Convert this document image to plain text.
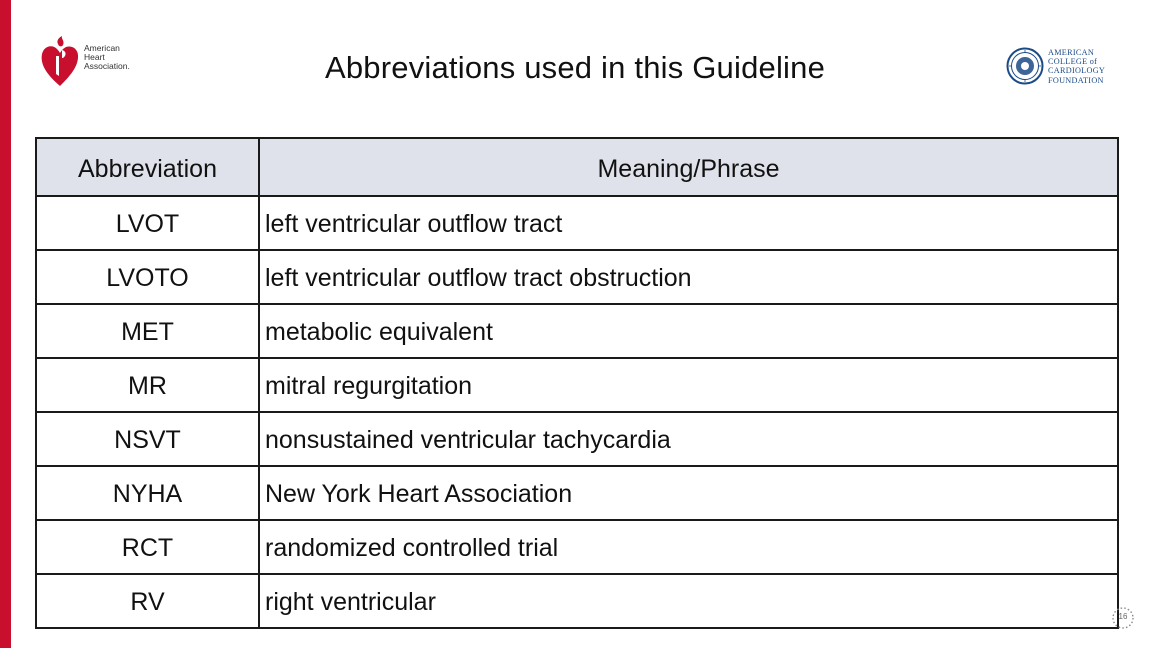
American
Heart
Association.	Abbreviations used in this Guideline	AMERICAN
COLLEGE of
CARDIOLOGY
FOUNDATION
Abbreviation	Meaning/Phrase
LVOT	left ventricular outflow tract
LVOTO	left ventricular outflow tract obstruction
MET	metabolic equivalent
MR	mitral regurgitation
NSVT	nonsustained ventricular tachycardia
NYHA	New York Heart Association
RCT	randomized controlled trial
RV	right ventricular
16
